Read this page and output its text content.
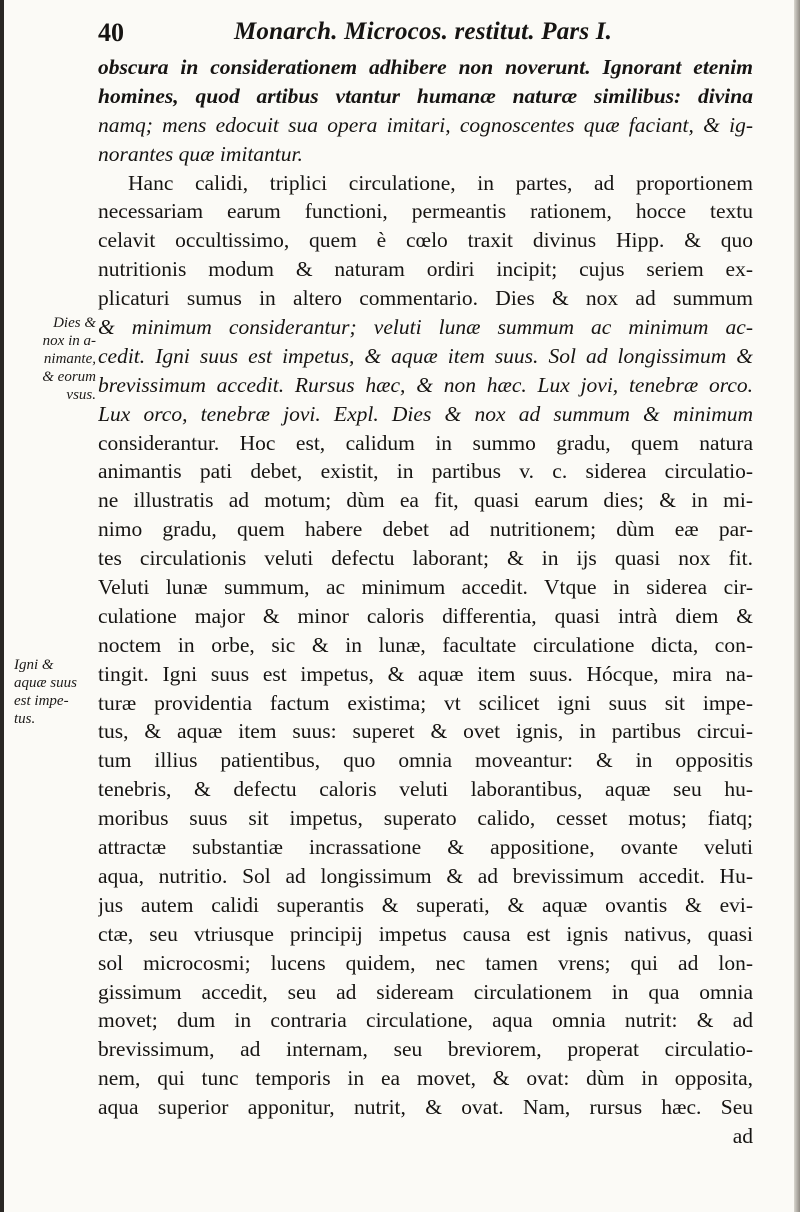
40	Monarch. Microcos. restitut. Pars I.
Dies &
nox in a-
nimante,
& eorum
vsus.
Igni &
aquæ suus
est impe-
tus.
obscura in considerationem adhibere non noverunt. Ignorant etenim
homines, quod artibus vtantur humanæ naturæ similibus: divina
namq; mens edocuit sua opera imitari, cognoscentes quæ faciant, & ig-
norantes quæ imitantur.
Hanc calidi, triplici circulatione, in partes, ad proportionem
necessariam earum functioni, permeantis rationem, hocce textu
celavit occultissimo, quem è cœlo traxit divinus Hipp. & quo
nutritionis modum & naturam ordiri incipit; cujus seriem ex-
plicaturi sumus in altero commentario. Dies & nox ad summum
& minimum considerantur; veluti lunæ summum ac minimum ac-
cedit. Igni suus est impetus, & aquæ item suus. Sol ad longissimum &
brevissimum accedit. Rursus hæc, & non hæc. Lux jovi, tenebræ orco.
Lux orco, tenebræ jovi. Expl. Dies & nox ad summum & minimum
considerantur. Hoc est, calidum in summo gradu, quem natura
animantis pati debet, existit, in partibus v. c. siderea circulatio-
ne illustratis ad motum; dùm ea fit, quasi earum dies; & in mi-
nimo gradu, quem habere debet ad nutritionem; dùm eæ par-
tes circulationis veluti defectu laborant; & in ijs quasi nox fit.
Veluti lunæ summum, ac minimum accedit. Vtque in siderea cir-
culatione major & minor caloris differentia, quasi intrà diem &
noctem in orbe, sic & in lunæ, facultate circulatione dicta, con-
tingit. Igni suus est impetus, & aquæ item suus. Hócque, mira na-
turæ providentia factum existima; vt scilicet igni suus sit impe-
tus, & aquæ item suus: superet & ovet ignis, in partibus circui-
tum illius patientibus, quo omnia moveantur: & in oppositis
tenebris, & defectu caloris veluti laborantibus, aquæ seu hu-
moribus suus sit impetus, superato calido, cesset motus; fiatq;
attractæ substantiæ incrassatione & appositione, ovante veluti
aqua, nutritio. Sol ad longissimum & ad brevissimum accedit. Hu-
jus autem calidi superantis & superati, & aquæ ovantis & evi-
ctæ, seu vtriusque principij impetus causa est ignis nativus, quasi
sol microcosmi; lucens quidem, nec tamen vrens; qui ad lon-
gissimum accedit, seu ad sideream circulationem in qua omnia
movet; dum in contraria circulatione, aqua omnia nutrit: & ad
brevissimum, ad internam, seu breviorem, properat circulatio-
nem, qui tunc temporis in ea movet, & ovat: dùm in opposita,
aqua superior apponitur, nutrit, & ovat. Nam, rursus hæc. Seu
ad
